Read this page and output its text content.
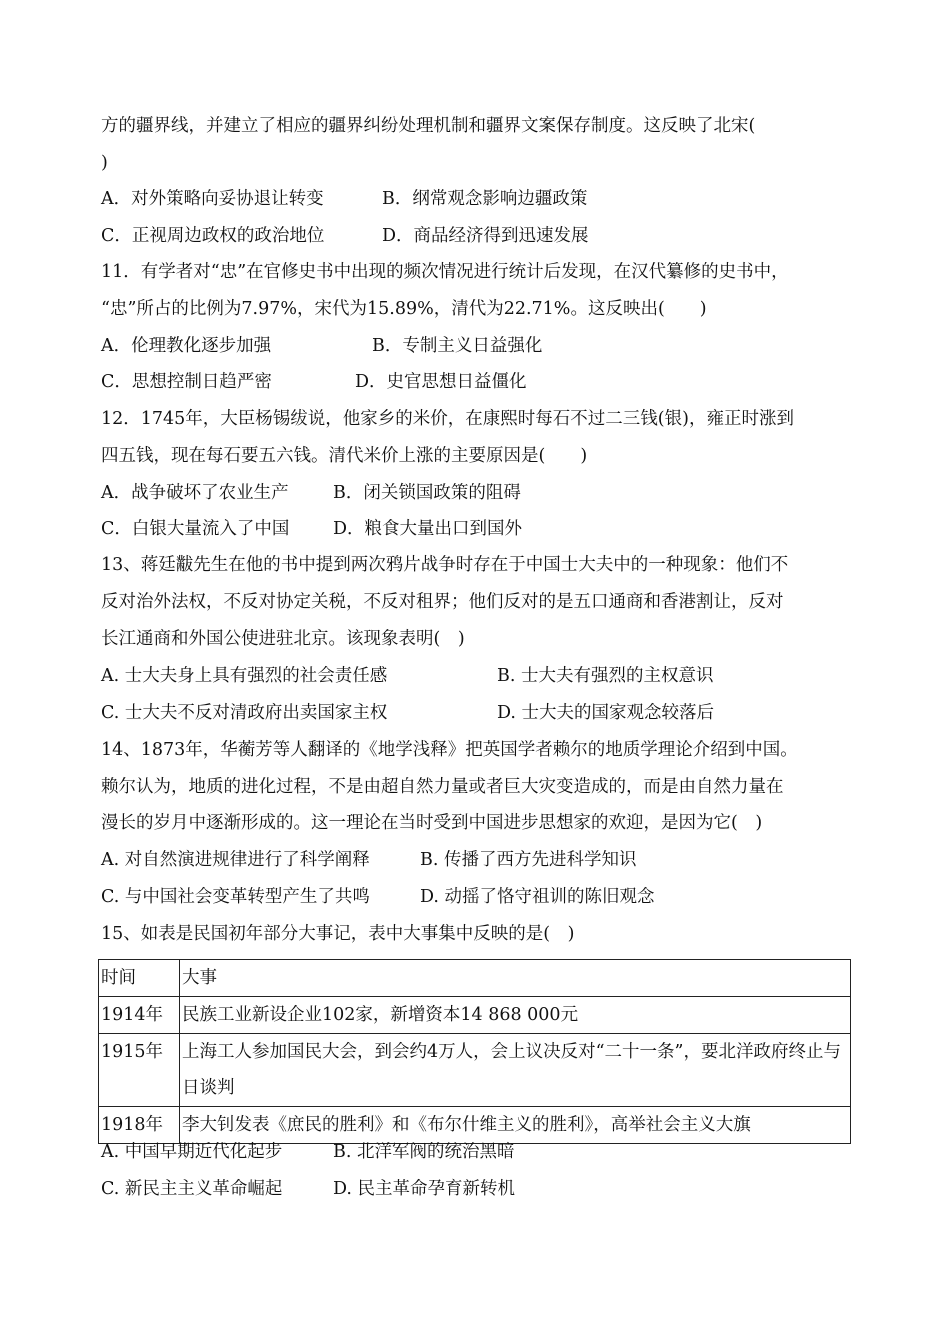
方的疆界线，并建立了相应的疆界纠纷处理机制和疆界文案保存制度。这反映了北宋(
)
A．对外策略向妥协退让转变	B．纲常观念影响边疆政策
C．正视周边政权的政治地位	D．商品经济得到迅速发展
11．有学者对“忠”在官修史书中出现的频次情况进行统计后发现，在汉代纂修的史书中，
“忠”所占的比例为7.97%，宋代为15.89%，清代为22.71%。这反映出(　　)
A．伦理教化逐步加强	B．专制主义日益强化
C．思想控制日趋严密	D．史官思想日益僵化
12．1745年，大臣杨锡绂说，他家乡的米价，在康熙时每石不过二三钱(银)，雍正时涨到
四五钱，现在每石要五六钱。清代米价上涨的主要原因是(　　)
A．战争破坏了农业生产	B．闭关锁国政策的阻碍
C．白银大量流入了中国 D．粮食大量出口到国外
13、蒋廷黻先生在他的书中提到两次鸦片战争时存在于中国士大夫中的一种现象：他们不
反对治外法权，不反对协定关税，不反对租界；他们反对的是五口通商和香港割让，反对
长江通商和外国公使进驻北京。该现象表明(　)
A. 士大夫身上具有强烈的社会责任感	B. 士大夫有强烈的主权意识
C. 士大夫不反对清政府出卖国家主权	D. 士大夫的国家观念较落后
14、1873年，华蘅芳等人翻译的《地学浅释》把英国学者赖尔的地质学理论介绍到中国。
赖尔认为，地质的进化过程，不是由超自然力量或者巨大灾变造成的，而是由自然力量在
漫长的岁月中逐渐形成的。这一理论在当时受到中国进步思想家的欢迎，是因为它(　)
A. 对自然演进规律进行了科学阐释	B. 传播了西方先进科学知识
C. 与中国社会变革转型产生了共鸣	D. 动摇了恪守祖训的陈旧观念
15、如表是民国初年部分大事记，表中大事集中反映的是(　)
时间	大事
1914年	民族工业新设企业102家，新增资本14 868 000元
1915年	上海工人参加国民大会，到会约4万人，会上议决反对“二十一条”，要北洋政府终止与日谈判
1918年	李大钊发表《庶民的胜利》和《布尔什维主义的胜利》，高举社会主义大旗
A. 中国早期近代化起步	B. 北洋军阀的统治黑暗
C. 新民主主义革命崛起	D. 民主革命孕育新转机
